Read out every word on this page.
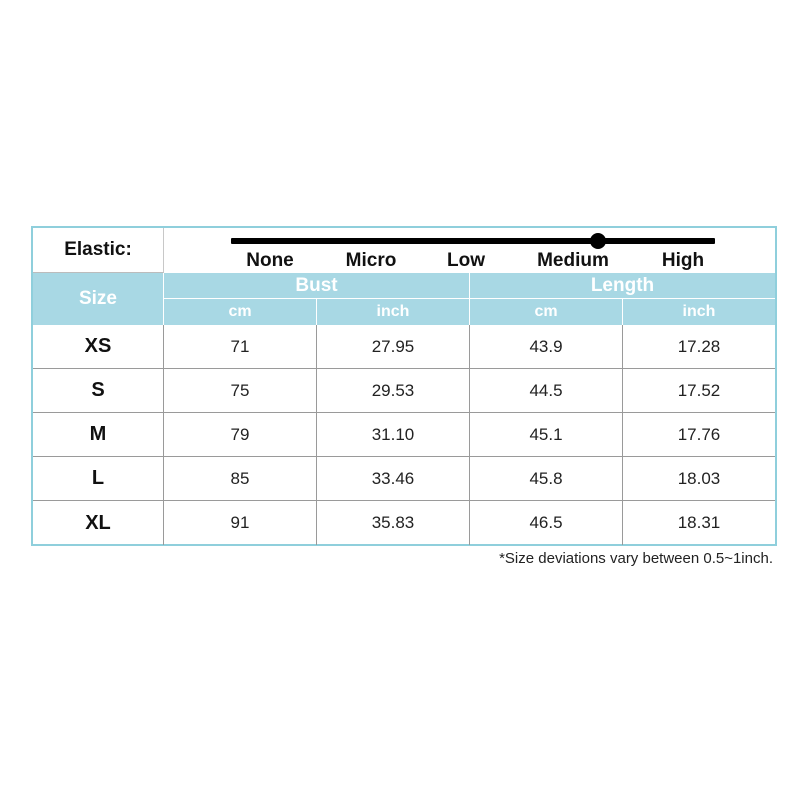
Elastic:
None	Micro	Low	Medium	High
Size
Bust	Length
cm	inch	cm	inch
XS	71	27.95	43.9	17.28
S	75	29.53	44.5	17.52
M	79	31.10	45.1	17.76
L	85	33.46	45.8	18.03
XL	91	35.83	46.5	18.31
*Size deviations vary between 0.5~1inch.
